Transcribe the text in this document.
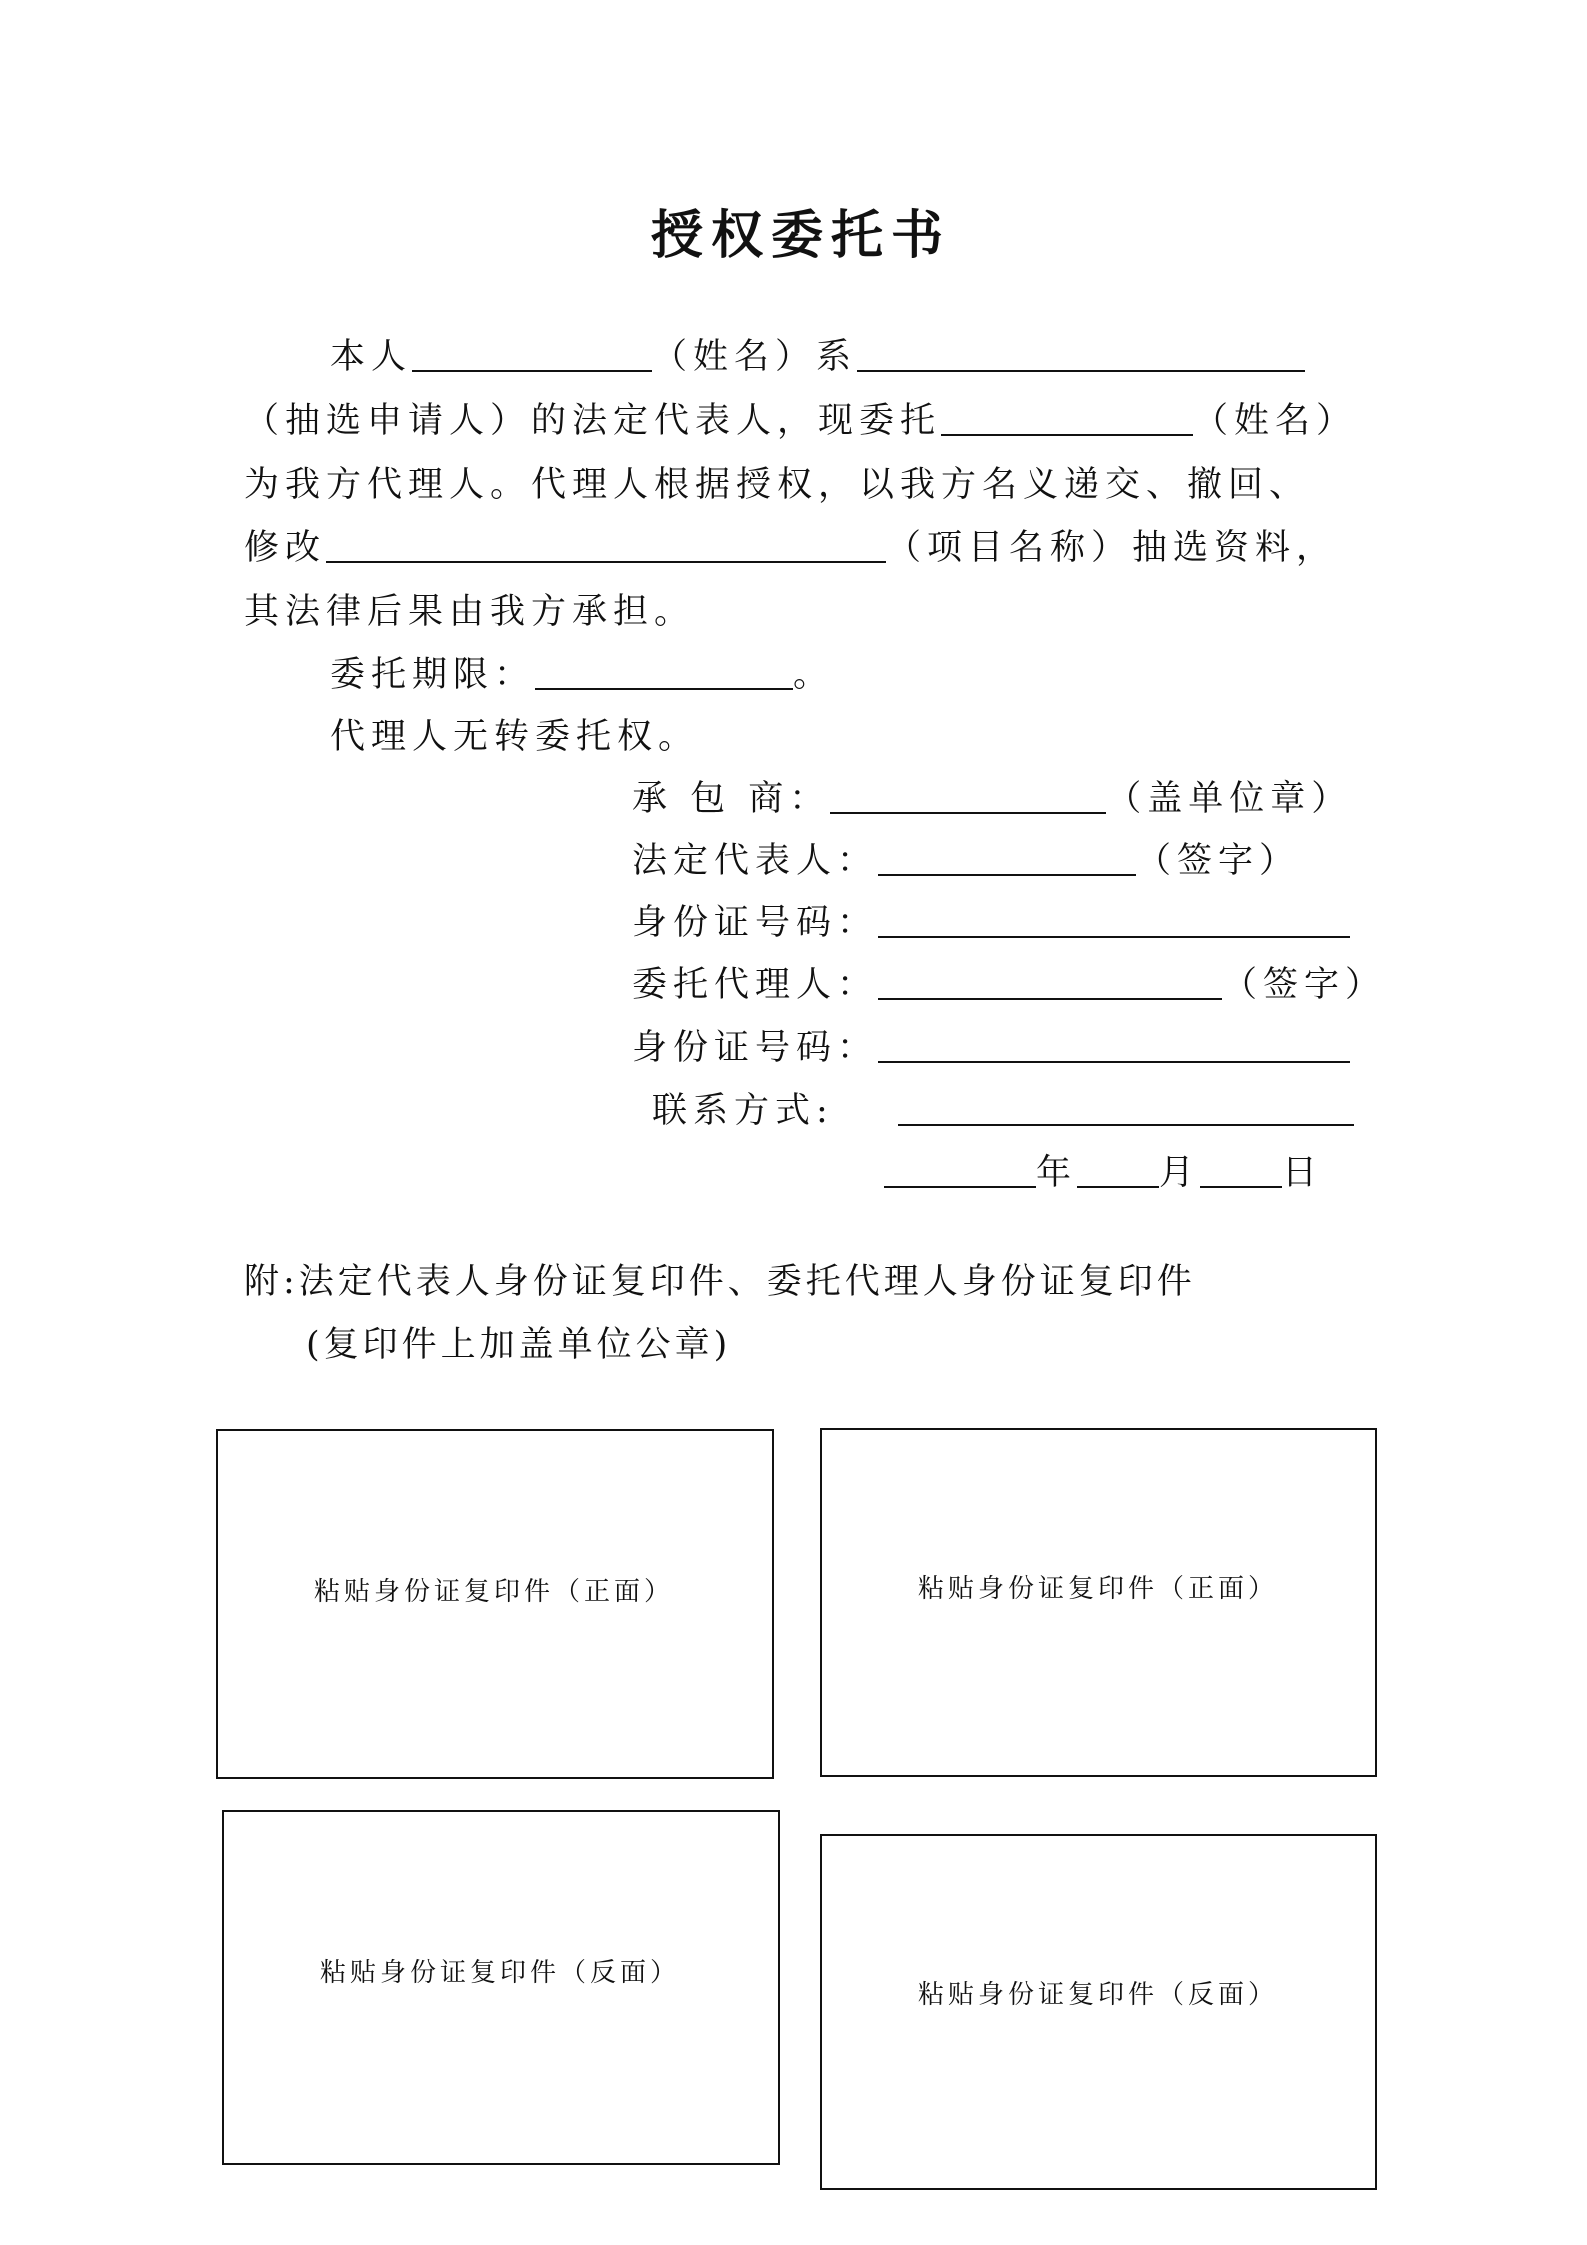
授权委托书
本人	（姓名）系
（抽选申请人）的法定代表人，现委托	（姓名）
为我方代理人。代理人根据授权，以我方名义递交、撤回、
修改	（项目名称）抽选资料，
其法律后果由我方承担。
委托期限：	。
代理人无转委托权。
承 包 商：	（盖单位章）
法定代表人：	（签字）
身份证号码：
委托代理人：	（签字）
身份证号码：
联系方式:
年 月 日
附:法定代表人身份证复印件、委托代理人身份证复印件
(复印件上加盖单位公章)
粘贴身份证复印件（正面）	粘贴身份证复印件（正面）
粘贴身份证复印件（反面）
粘贴身份证复印件（反面）
